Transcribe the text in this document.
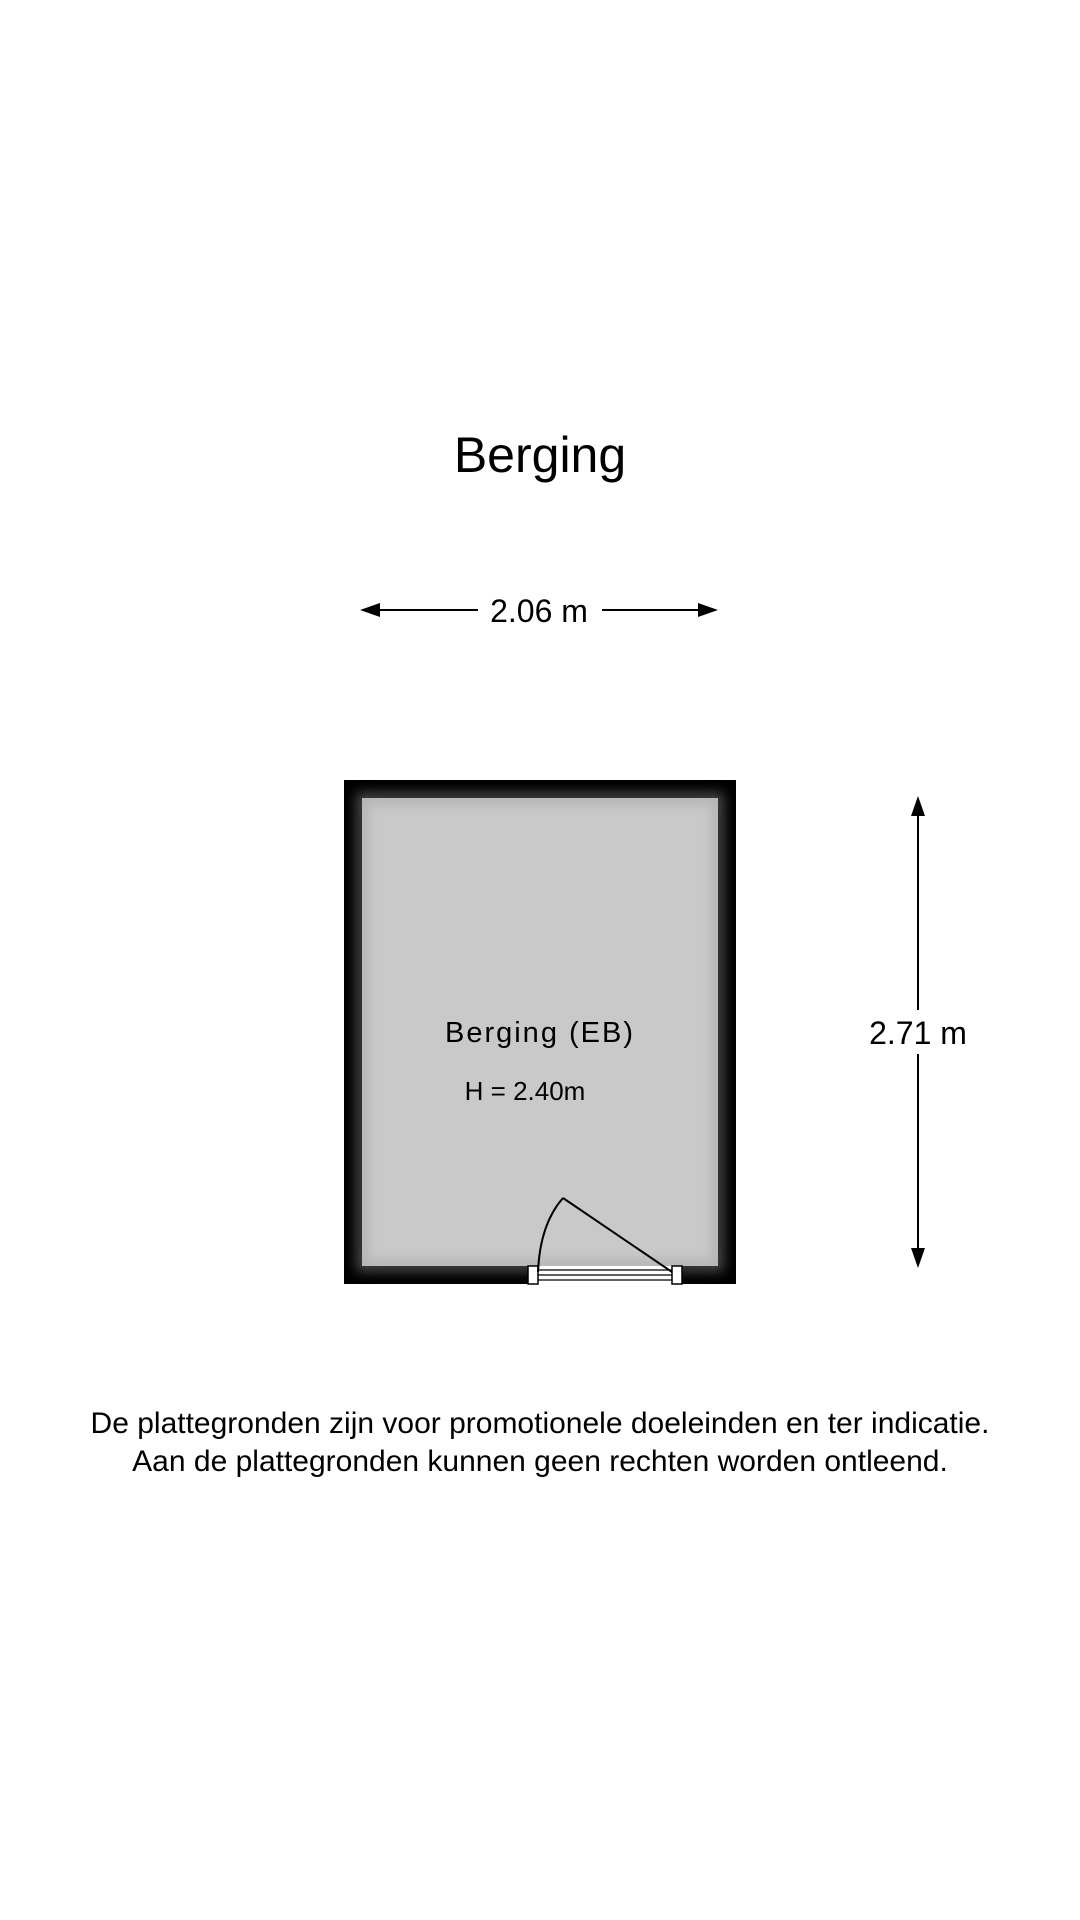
Berging
2.06 m
2.71 m
Berging (EB)
H = 2.40m
De plattegronden zijn voor promotionele doeleinden en ter indicatie.
Aan de plattegronden kunnen geen rechten worden ontleend.
